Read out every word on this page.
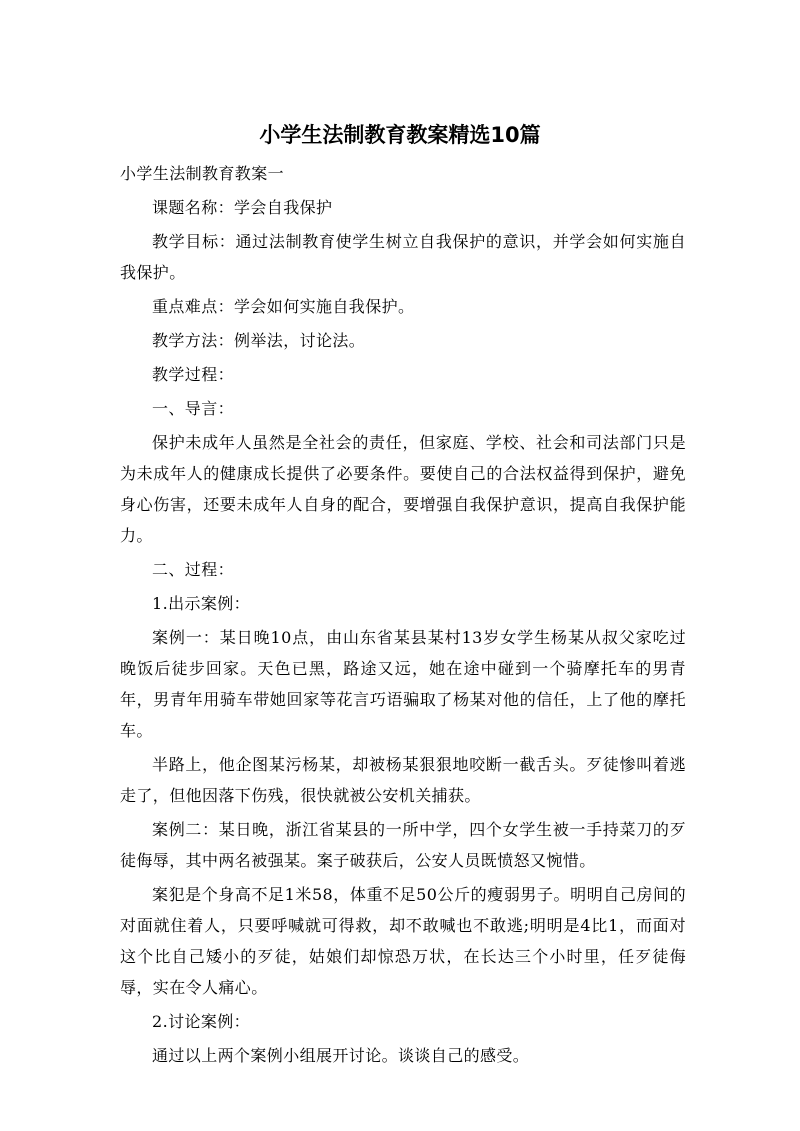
小学生法制教育教案精选10篇

小学生法制教育教案一

课题名称：学会自我保护

教学目标：通过法制教育使学生树立自我保护的意识，并学会如何实施自我保护。

重点难点：学会如何实施自我保护。

教学方法：例举法，讨论法。

教学过程：

一、导言：

保护未成年人虽然是全社会的责任，但家庭、学校、社会和司法部门只是为未成年人的健康成长提供了必要条件。要使自己的合法权益得到保护，避免身心伤害，还要未成年人自身的配合，要增强自我保护意识，提高自我保护能力。

二、过程：

1.出示案例：

案例一：某日晚10点，由山东省某县某村13岁女学生杨某从叔父家吃过晚饭后徒步回家。天色已黑，路途又远，她在途中碰到一个骑摩托车的男青年，男青年用骑车带她回家等花言巧语骗取了杨某对他的信任，上了他的摩托车。

半路上，他企图某污杨某，却被杨某狠狠地咬断一截舌头。歹徒惨叫着逃走了，但他因落下伤残，很快就被公安机关捕获。

案例二：某日晚，浙江省某县的一所中学，四个女学生被一手持菜刀的歹徒侮辱，其中两名被强某。案子破获后，公安人员既愤怒又惋惜。

案犯是个身高不足1米58，体重不足50公斤的瘦弱男子。明明自己房间的对面就住着人，只要呼喊就可得救，却不敢喊也不敢逃;明明是4比1，而面对这个比自己矮小的歹徒，姑娘们却惊恐万状，在长达三个小时里，任歹徒侮辱，实在令人痛心。

2.讨论案例：

通过以上两个案例小组展开讨论。谈谈自己的感受。
